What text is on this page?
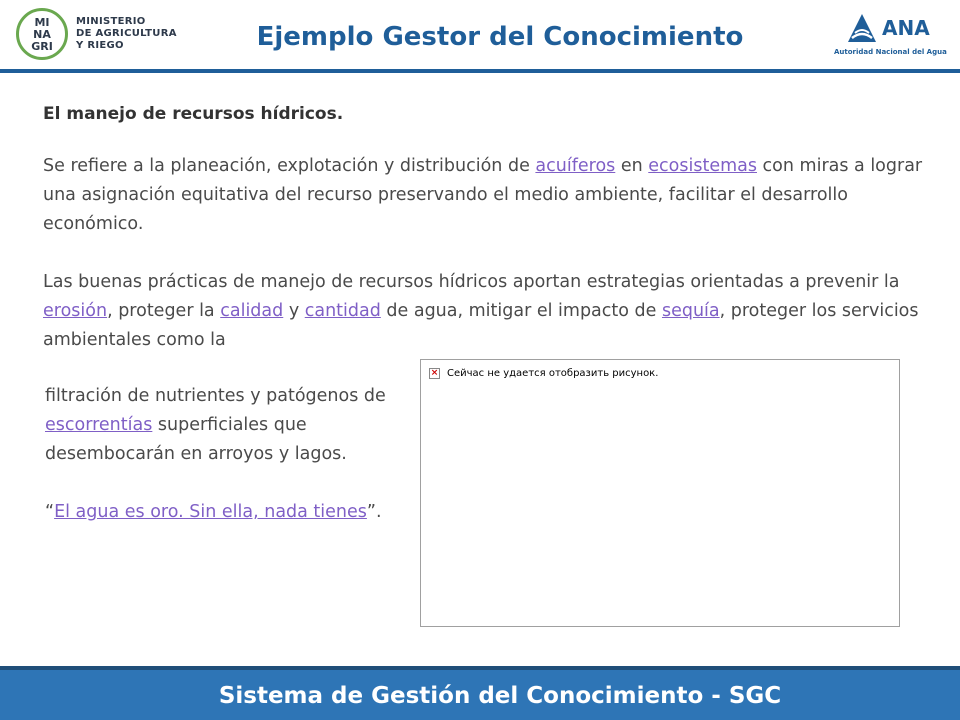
MI
NA
GRI
MINISTERIO
DE AGRICULTURA
Y RIEGO	Ejemplo Gestor del Conocimiento	ANA
Autoridad Nacional del Agua
El manejo de recursos hídricos.
Se refiere a la planeación, explotación y distribución de acuíferos en ecosistemas con miras a lograr una asignación equitativa del recurso preservando el medio ambiente, facilitar el desarrollo económico.
Las buenas prácticas de manejo de recursos hídricos aportan estrategias orientadas a prevenir la erosión, proteger la calidad y cantidad de agua, mitigar el impacto de sequía, proteger los servicios ambientales como la
filtración de nutrientes y patógenos de escorrentías superficiales que desembocarán en arroyos y lagos.
“El agua es oro. Sin ella, nada tienes”.
× Сейчас не удается отобразить рисунок.
Sistema de Gestión del Conocimiento - SGC
